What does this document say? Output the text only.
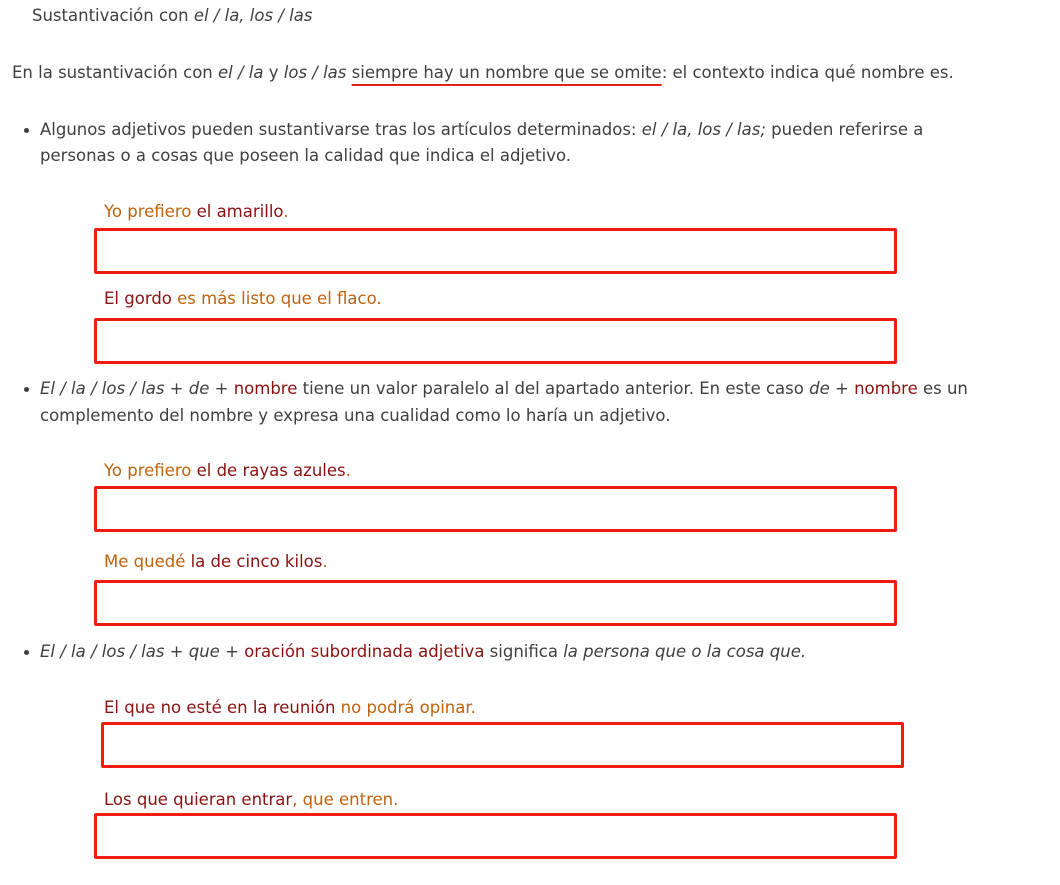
Sustantivación con el / la, los / las
En la sustantivación con el / la y los / las siempre hay un nombre que se omite: el contexto indica qué nombre es.
Algunos adjetivos pueden sustantivarse tras los artículos determinados: el / la, los / las; pueden referirse a
personas o a cosas que poseen la calidad que indica el adjetivo.
Yo prefiero el amarillo.
El gordo es más listo que el flaco.
El / la / los / las + de + nombre tiene un valor paralelo al del apartado anterior. En este caso de + nombre es un
complemento del nombre y expresa una cualidad como lo haría un adjetivo.
Yo prefiero el de rayas azules.
Me quedé la de cinco kilos.
El / la / los / las + que + oración subordinada adjetiva significa la persona que o la cosa que.
El que no esté en la reunión no podrá opinar.
Los que quieran entrar, que entren.
